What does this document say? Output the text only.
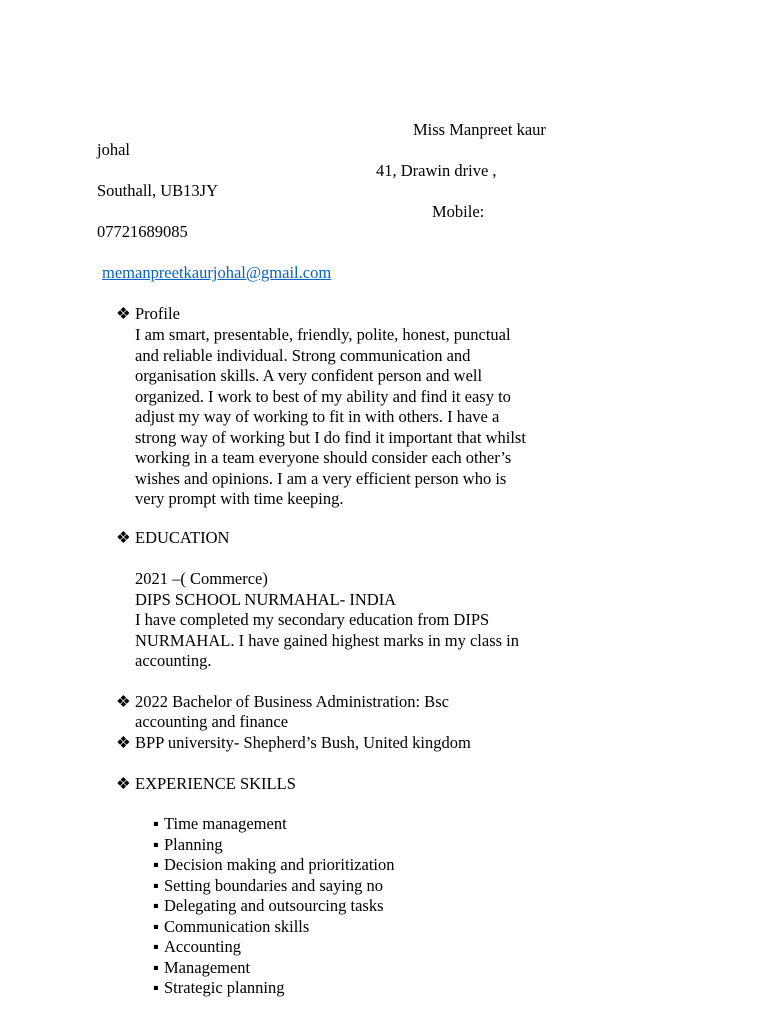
Miss Manpreet kaur
johal
41, Drawin drive ,
Southall, UB13JY
Mobile:
07721689085
memanpreetkaurjohal@gmail.com
❖ Profile

I am smart, presentable, friendly, polite, honest, punctual

and reliable individual. Strong communication and

organisation skills. A very confident person and well

organized. I work to best of my ability and find it easy to

adjust my way of working to fit in with others. I have a

strong way of working but I do find it important that whilst

working in a team everyone should consider each other’s

wishes and opinions. I am a very efficient person who is

very prompt with time keeping.

❖ EDUCATION

2021 –( Commerce)

DIPS SCHOOL NURMAHAL- INDIA

I have completed my secondary education from DIPS

NURMAHAL. I have gained highest marks in my class in

accounting.

❖ 2022 Bachelor of Business Administration: Bsc
accounting and finance
❖ BPP university- Shepherd’s Bush, United kingdom
❖ EXPERIENCE SKILLS
▪ Time management
▪ Planning
▪ Decision making and prioritization
▪ Setting boundaries and saying no
▪ Delegating and outsourcing tasks
▪ Communication skills
▪ Accounting
▪ Management
▪ Strategic planning
